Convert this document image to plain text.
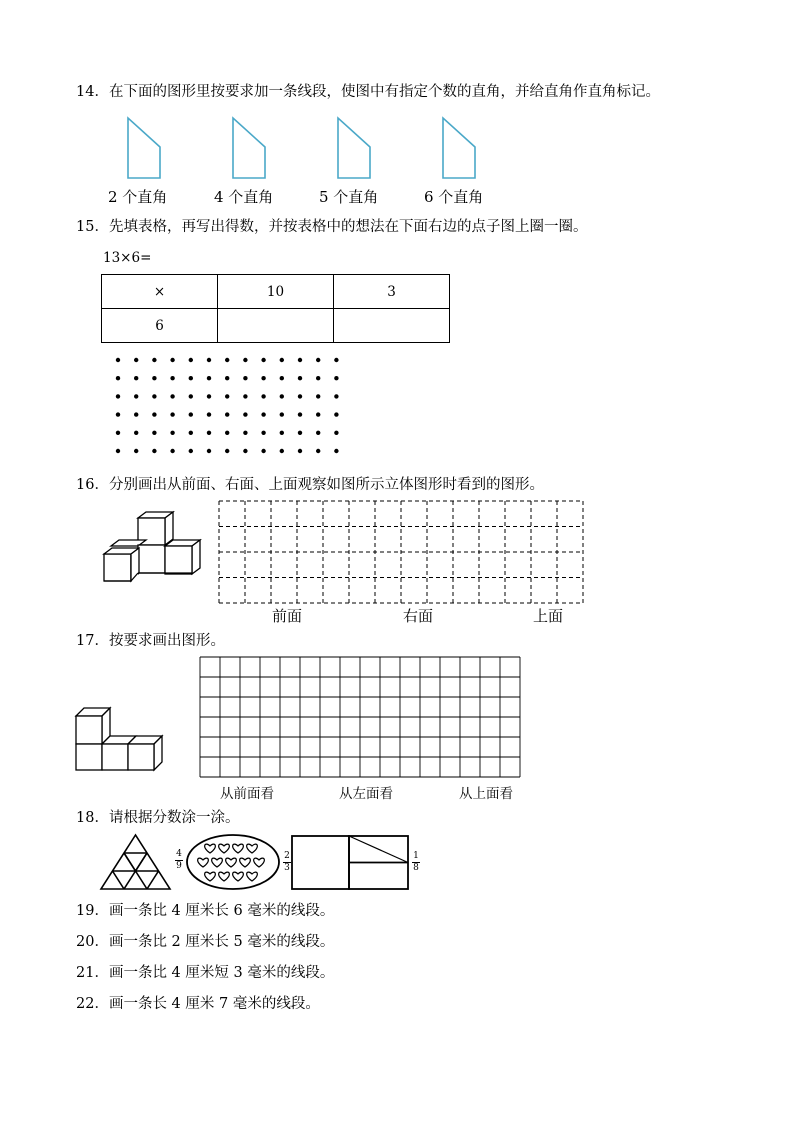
14．在下面的图形里按要求加一条线段，使图中有指定个数的直角，并给直角作直角标记。
2 个直角	4 个直角	5 个直角	6 个直角
15．先填表格，再写出得数，并按表格中的想法在下面右边的点子图上圈一圈。
13×6=
×	10	3
6		
16．分别画出从前面、右面、上面观察如图所示立体图形时看到的图形。
前面	右面	上面
17．按要求画出图形。
从前面看	从左面看	从上面看
18．请根据分数涂一涂。
4
9
2
3
1
8
19．画一条比 4 厘米长 6 毫米的线段。
20．画一条比 2 厘米长 5 毫米的线段。
21．画一条比 4 厘米短 3 毫米的线段。
22．画一条长 4 厘米 7 毫米的线段。
